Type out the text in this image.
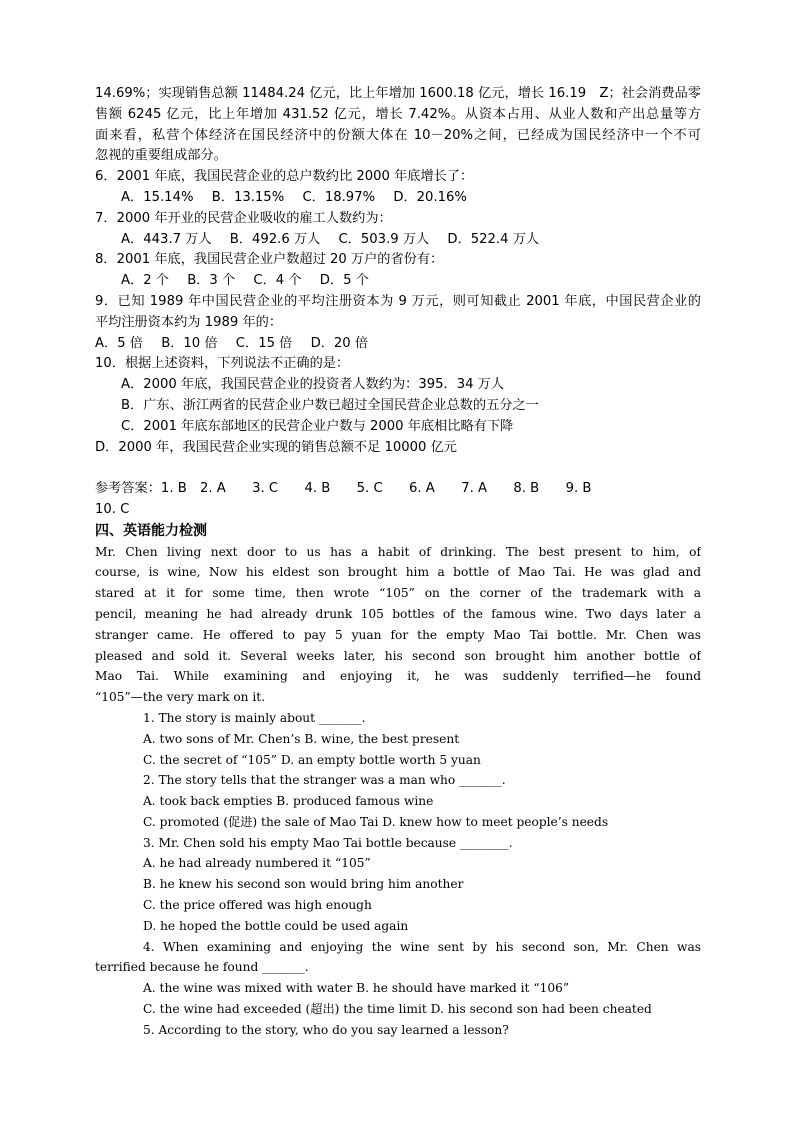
14.69%；实现销售总额 11484.24 亿元，比上年增加 1600.18 亿元，增长 16.19　Z；社会消费品零
售额 6245 亿元，比上年增加 431.52 亿元，增长 7.42%。从资本占用、从业人数和产出总量等方
面来看，私营个体经济在国民经济中的份额大体在 10－20%之间，已经成为国民经济中一个不可
忽视的重要组成部分。
6．2001 年底，我国民营企业的总户数约比 2000 年底增长了：
A．15.14% B．13.15% C．18.97% D．20.16%
7．2000 年开业的民营企业吸收的雇工人数约为：
A．443.7 万人 B．492.6 万人 C．503.9 万人 D．522.4 万人
8．2001 年底，我国民营企业户数超过 20 万户的省份有：
A．2 个 B．3 个 C．4 个 D．5 个
9．已知 1989 年中国民营企业的平均注册资本为 9 万元，则可知截止 2001 年底，中国民营企业的
平均注册资本约为 1989 年的：
A．5 倍 B．10 倍 C．15 倍 D．20 倍
10．根据上述资料，下列说法不正确的是：
A．2000 年底，我国民营企业的投资者人数约为：395．34 万人
B．广东、浙江两省的民营企业户数已超过全国民营企业总数的五分之一
C．2001 年底东部地区的民营企业户数与 2000 年底相比略有下降
D．2000 年，我国民营企业实现的销售总额不足 10000 亿元
参考答案：1. B　2. A　　3. C　　4. B　　5. C　　6. A　　7. A　　8. B　　9. B
10. C
四、英语能力检测
Mr. Chen living next door to us has a habit of drinking. The best present to him, of
course, is wine, Now his eldest son brought him a bottle of Mao Tai. He was glad and
stared at it for some time, then wrote “105” on the corner of the trademark with a
pencil, meaning he had already drunk 105 bottles of the famous wine. Two days later a
stranger came. He offered to pay 5 yuan for the empty Mao Tai bottle. Mr. Chen was
pleased and sold it. Several weeks later, his second son brought him another bottle of
Mao Tai. While examining and enjoying it, he was suddenly terrified—he found
“105”—the very mark on it.
1. The story is mainly about _______.
A. two sons of Mr. Chen’s B. wine, the best present
C. the secret of “105” D. an empty bottle worth 5 yuan
2. The story tells that the stranger was a man who _______.
A. took back empties B. produced famous wine
C. promoted (促进) the sale of Mao Tai D. knew how to meet people’s needs
3. Mr. Chen sold his empty Mao Tai bottle because ________.
A. he had already numbered it “105”
B. he knew his second son would bring him another
C. the price offered was high enough
D. he hoped the bottle could be used again
4. When examining and enjoying the wine sent by his second son, Mr. Chen was
terrified because he found _______.
A. the wine was mixed with water B. he should have marked it “106”
C. the wine had exceeded (超出) the time limit D. his second son had been cheated
5. According to the story, who do you say learned a lesson?
